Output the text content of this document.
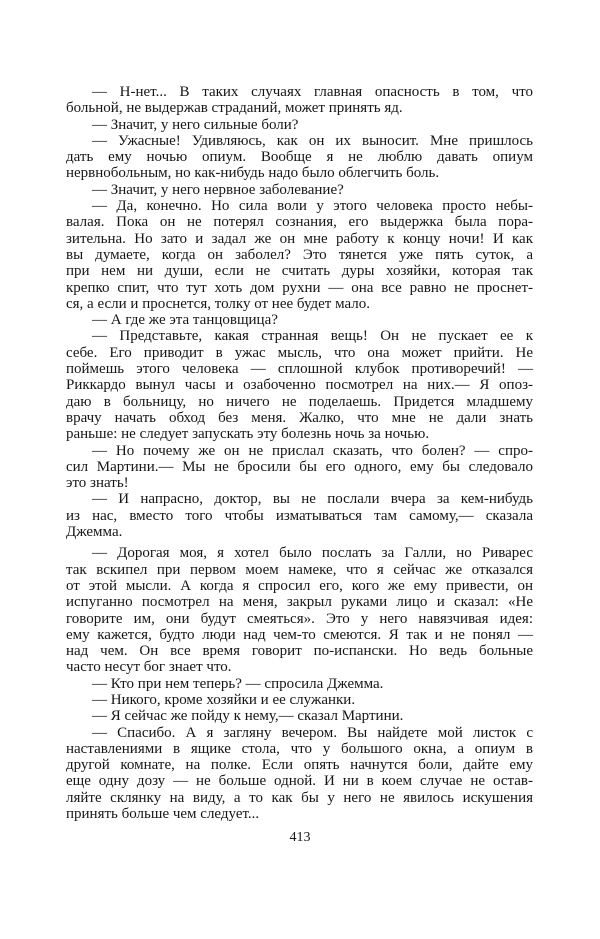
— Н-нет... В таких случаях главная опасность в том, что
больной, не выдержав страданий, может принять яд.
— Значит, у него сильные боли?
— Ужасные! Удивляюсь, как он их выносит. Мне пришлось
дать ему ночью опиум. Вообще я не люблю давать опиум
нервнобольным, но как-нибудь надо было облегчить боль.
— Значит, у него нервное заболевание?
— Да, конечно. Но сила воли у этого человека просто небы-
валая. Пока он не потерял сознания, его выдержка была пора-
зительна. Но зато и задал же он мне работу к концу ночи! И как
вы думаете, когда он заболел? Это тянется уже пять суток, а
при нем ни души, если не считать дуры хозяйки, которая так
крепко спит, что тут хоть дом рухни — она все равно не проснет-
ся, а если и проснется, толку от нее будет мало.
— А где же эта танцовщица?
— Представьте, какая странная вещь! Он не пускает ее к
себе. Его приводит в ужас мысль, что она может прийти. Не
поймешь этого человека — сплошной клубок противоречий! —
Риккардо вынул часы и озабоченно посмотрел на них.— Я опоз-
даю в больницу, но ничего не поделаешь. Придется младшему
врачу начать обход без меня. Жалко, что мне не дали знать
раньше: не следует запускать эту болезнь ночь за ночью.
— Но почему же он не прислал сказать, что болен? — спро-
сил Мартини.— Мы не бросили бы его одного, ему бы следовало
это знать!
— И напрасно, доктор, вы не послали вчера за кем-нибудь
из нас, вместо того чтобы изматываться там самому,— сказала
Джемма.
— Дорогая моя, я хотел было послать за Галли, но Риварес
так вскипел при первом моем намеке, что я сейчас же отказался
от этой мысли. А когда я спросил его, кого же ему привести, он
испуганно посмотрел на меня, закрыл руками лицо и сказал: «Не
говорите им, они будут смеяться». Это у него навязчивая идея:
ему кажется, будто люди над чем-то смеются. Я так и не понял —
над чем. Он все время говорит по-испански. Но ведь больные
часто несут бог знает что.
— Кто при нем теперь? — спросила Джемма.
— Никого, кроме хозяйки и ее служанки.
— Я сейчас же пойду к нему,— сказал Мартини.
— Спасибо. А я загляну вечером. Вы найдете мой листок с
наставлениями в ящике стола, что у большого окна, а опиум в
другой комнате, на полке. Если опять начнутся боли, дайте ему
еще одну дозу — не больше одной. И ни в коем случае не остав-
ляйте склянку на виду, а то как бы у него не явилось искушения
принять больше чем следует...
413
